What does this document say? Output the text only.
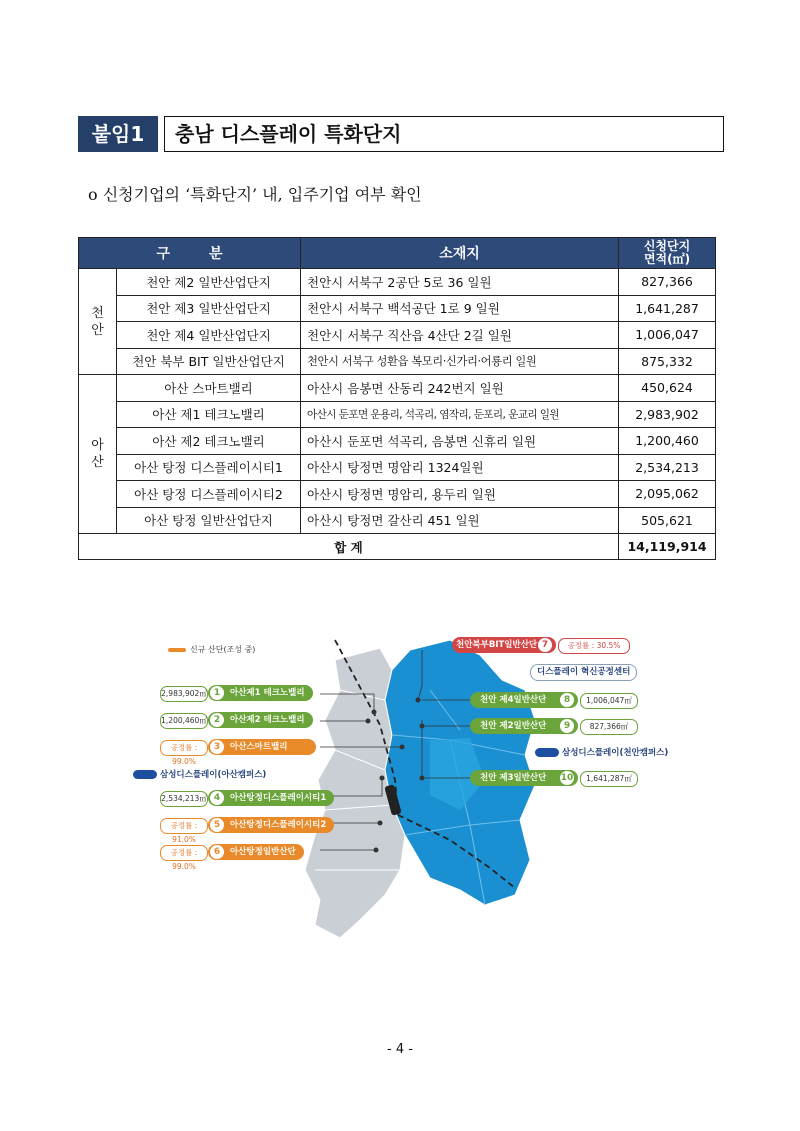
붙임1	충남 디스플레이 특화단지
o 신청기업의 ‘특화단지’ 내, 입주기업 여부 확인
구        분		소재지	신청단지
면적(㎡)
천
안	천안 제2 일반산업단지	천안시 서북구 2공단 5로 36 일원	827,366
	천안 제3 일반산업단지	천안시 서북구 백석공단 1로 9 일원	1,641,287
	천안 제4 일반산업단지	천안시 서북구 직산읍 4산단 2길 일원	1,006,047
	천안 북부 BIT 일반산업단지	천안시 서북구 성환읍 복모리·신가리·어룡리 일원	875,332
아
산	아산 스마트밸리	아산시 음봉면 산동리 242번지 일원	450,624
	아산 제1 테크노밸리	아산시 둔포면 운용리, 석곡리, 염작리, 둔포리, 운교리 일원	2,983,902
	아산 제2 테크노밸리	아산시 둔포면 석곡리, 음봉면 신휴리 일원	1,200,460
	아산 탕정 디스플레이시티1	아산시 탕정면 명암리 1324일원	2,534,213
	아산 탕정 디스플레이시티2	아산시 탕정면 명암리, 용두리 일원	2,095,062
	아산 탕정 일반산업단지	아산시 탕정면 갈산리 451 일원	505,621
합 계			14,119,914
신규 산단(조성 중)
2,983,902㎡ 1 아산제1 테크노밸리
1,200,460㎡ 2 아산제2 테크노밸리
공정률 : 99.0%
3 아산스마트밸리
삼성디스플레이(아산캠퍼스)
2,534,213㎡ 4 아산탕정디스플레이시티1
공정률 : 91.0%
5 아산탕정디스플레이시티2
공정률 : 99.0%
6 아산탕정일반산단
천안북부BIT일반산단 7	공정률 : 30.5%
디스플레이 혁신공정센터
천안 제4일반산단	8	1,006,047㎡
천안 제2일반산단	9	827,366㎡
삼성디스플레이(천안캠퍼스)
천안 제3일반산단 10	1,641,287㎡
- 4 -
